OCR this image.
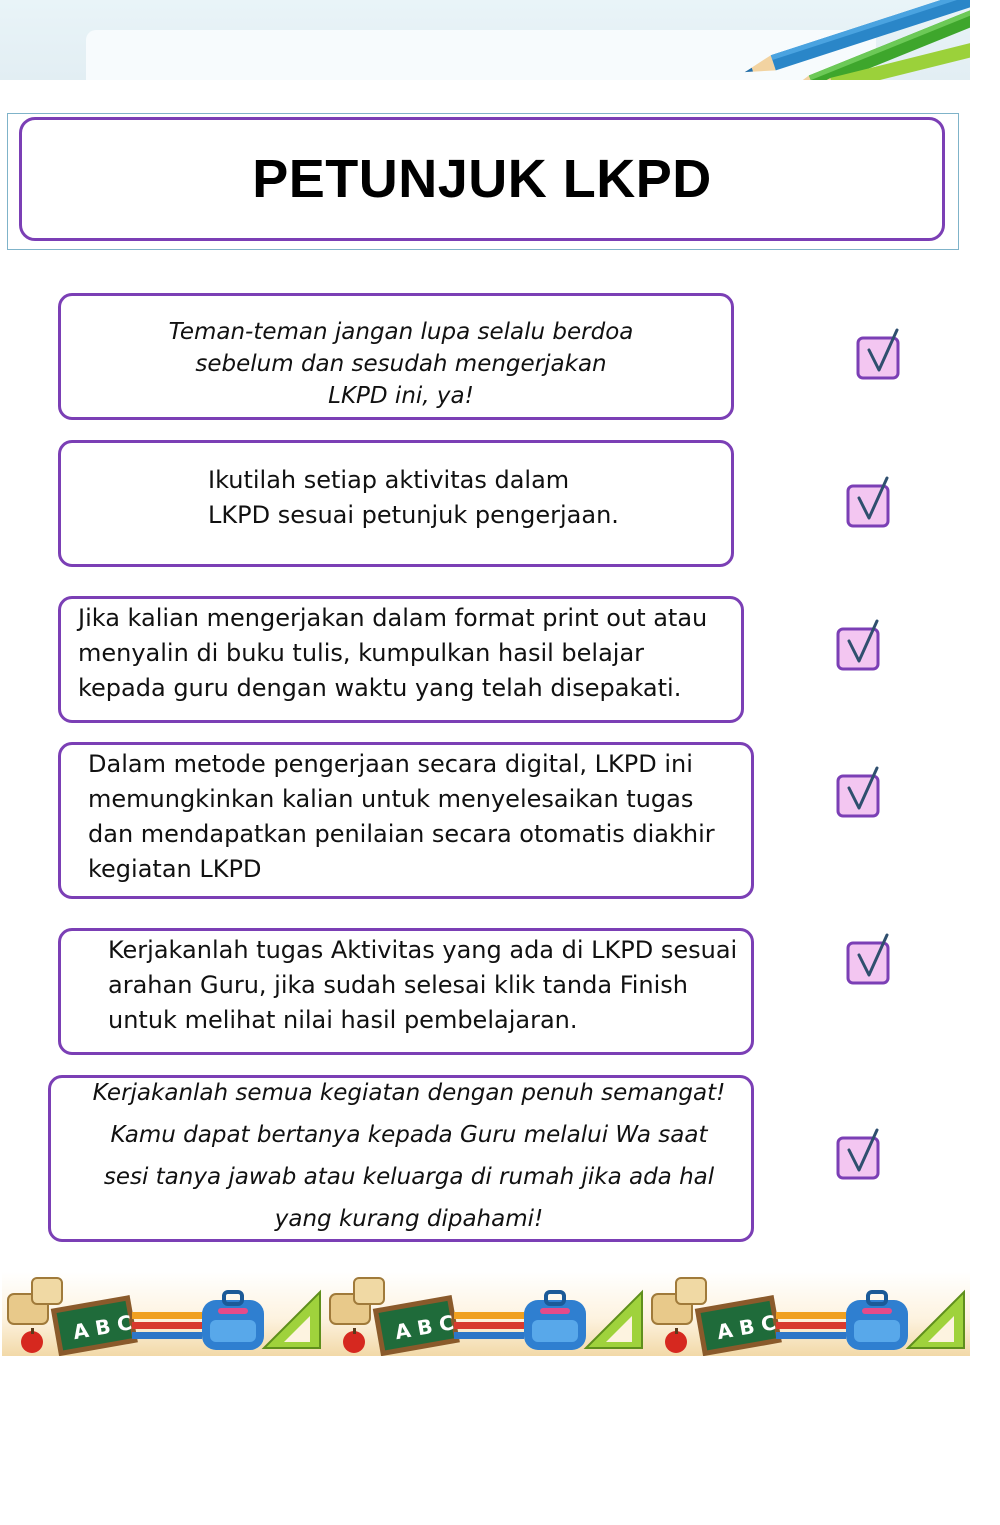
PETUNJUK LKPD
Teman-teman jangan lupa selalu berdoa
sebelum dan sesudah mengerjakan
LKPD ini, ya!
Ikutilah setiap aktivitas dalam
LKPD sesuai petunjuk pengerjaan.
Jika kalian mengerjakan dalam format print out atau
menyalin di buku tulis, kumpulkan hasil belajar
kepada guru dengan waktu yang telah disepakati.
Dalam metode pengerjaan secara digital, LKPD ini
memungkinkan kalian untuk menyelesaikan tugas
dan mendapatkan penilaian secara otomatis diakhir
kegiatan LKPD
Kerjakanlah tugas Aktivitas yang ada di LKPD sesuai
arahan Guru, jika sudah selesai klik tanda Finish
untuk melihat nilai hasil pembelajaran.
Kerjakanlah semua kegiatan dengan penuh semangat!
Kamu dapat bertanya kepada Guru melalui Wa saat
sesi tanya jawab atau keluarga di rumah jika ada hal
yang kurang dipahami!
